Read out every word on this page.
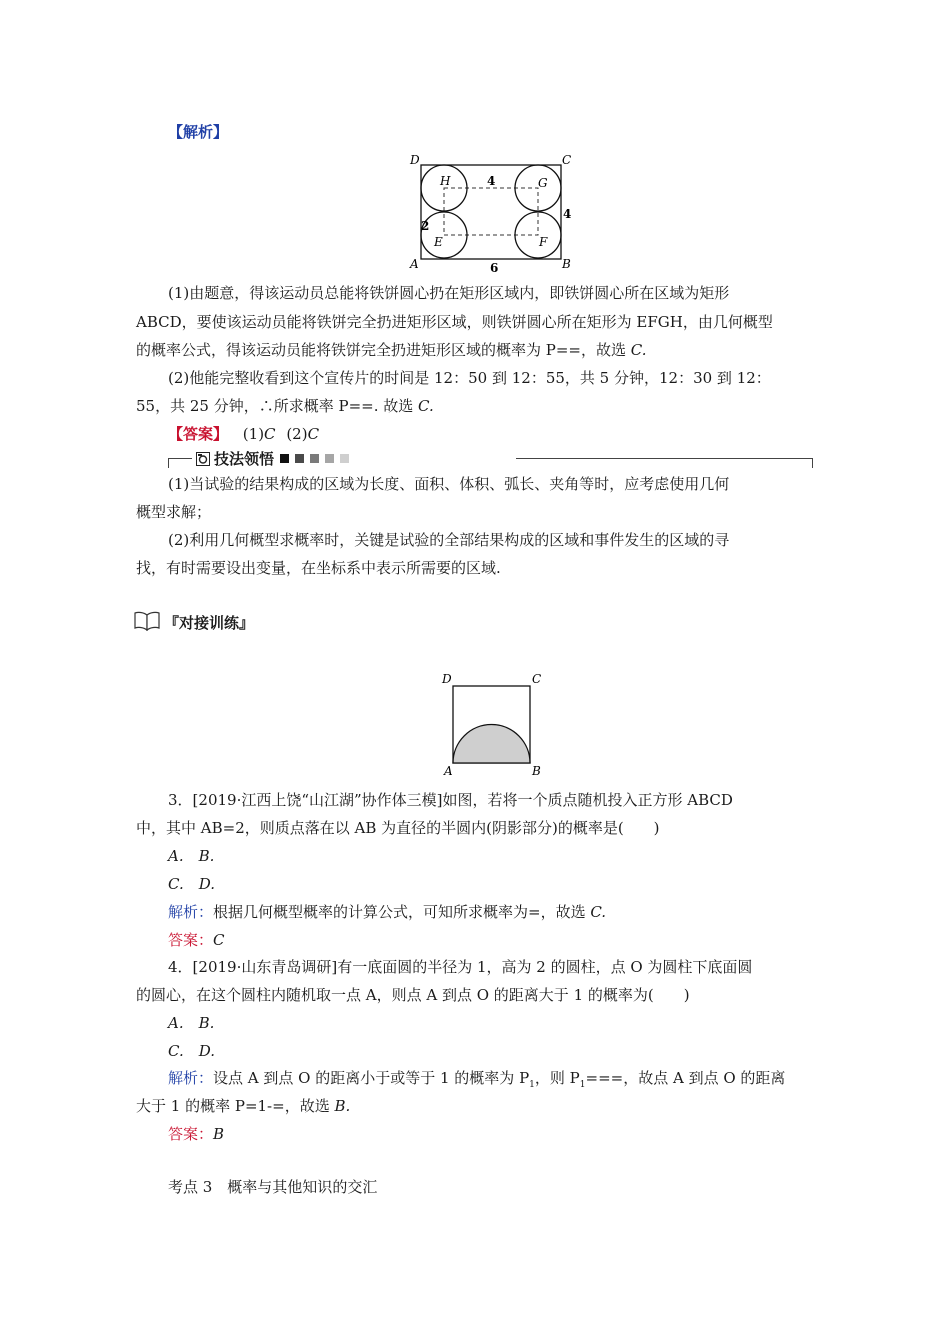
【解析】
D	C
A	B
H	G
E	F
4
4
2
6
(1)由题意，得该运动员总能将铁饼圆心扔在矩形区域内，即铁饼圆心所在区域为矩形
ABCD，要使该运动员能将铁饼完全扔进矩形区域，则铁饼圆心所在矩形为 EFGH，由几何概型
的概率公式，得该运动员能将铁饼完全扔进矩形区域的概率为 P==，故选 C.
(2)他能完整收看到这个宣传片的时间是 12：50 到 12：55，共 5 分钟，12：30 到 12：
55，共 25 分钟，∴所求概率 P==. 故选 C.
【答案】 (1)C (2)C
技法领悟
(1)当试验的结果构成的区域为长度、面积、体积、弧长、夹角等时，应考虑使用几何
概型求解；
(2)利用几何概型求概率时，关键是试验的全部结果构成的区域和事件发生的区域的寻
找，有时需要设出变量，在坐标系中表示所需要的区域.
『对接训练』
D	C
A	B
3．[2019·江西上饶“山江湖”协作体三模]如图，若将一个质点随机投入正方形 ABCD
中，其中 AB=2，则质点落在以 AB 为直径的半圆内(阴影部分)的概率是(　　)
A.　B.
C.　D.
解析：根据几何概型概率的计算公式，可知所求概率为=，故选 C.
答案：C
4．[2019·山东青岛调研]有一底面圆的半径为 1，高为 2 的圆柱，点 O 为圆柱下底面圆
的圆心，在这个圆柱内随机取一点 A，则点 A 到点 O 的距离大于 1 的概率为(　　)
A.　B.
C.　D.
解析：设点 A 到点 O 的距离小于或等于 1 的概率为 $P_1$，则 $P_1===$，故点 A 到点 O 的距离
大于 1 的概率 P=1-=，故选 B.
答案：B
考点 3　概率与其他知识的交汇
